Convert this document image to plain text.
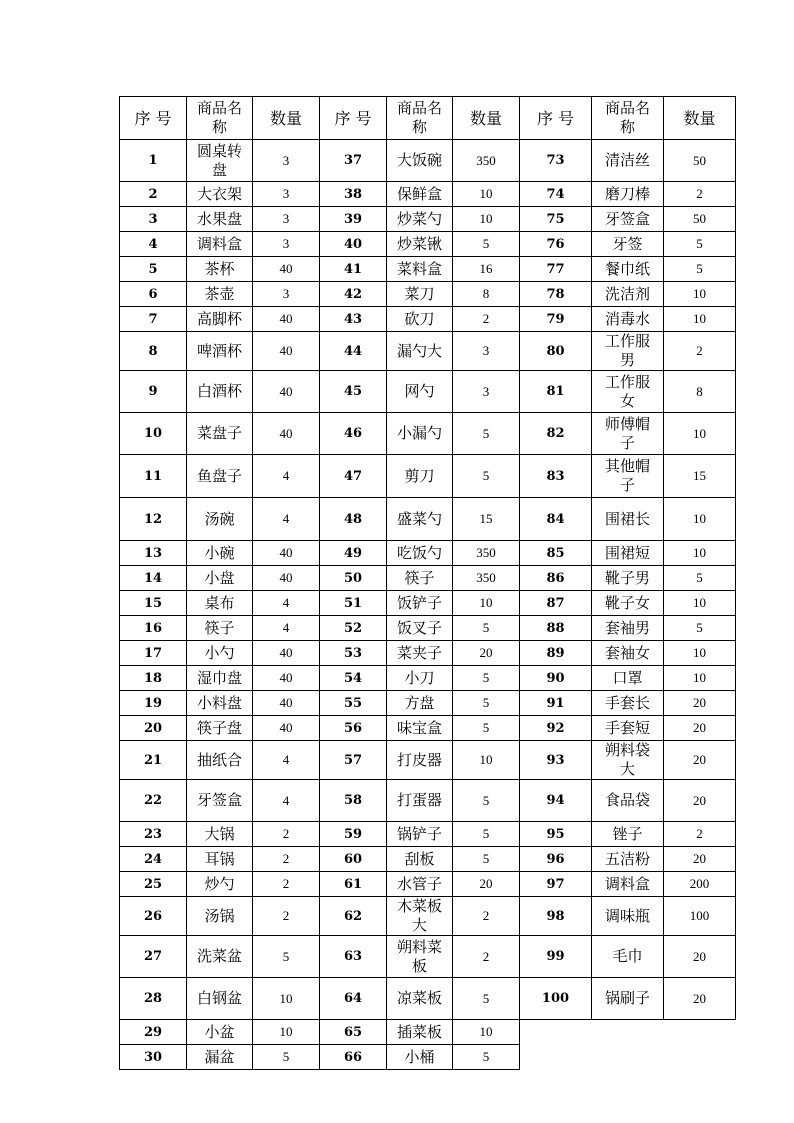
序 号	商品名称	数量	序 号	商品名称	数量	序 号	商品名称	数量
1	圆桌转盘	3	37	大饭碗	350	73	清洁丝	50
2	大衣架	3	38	保鲜盒	10	74	磨刀棒	2
3	水果盘	3	39	炒菜勺	10	75	牙签盒	50
4	调料盒	3	40	炒菜锹	5	76	牙签	5
5	茶杯	40	41	菜料盒	16	77	餐巾纸	5
6	茶壶	3	42	菜刀	8	78	洗洁剂	10
7	高脚杯	40	43	砍刀	2	79	消毒水	10
8	啤酒杯	40	44	漏勺大	3	80	工作服男	2
9	白酒杯	40	45	网勺	3	81	工作服女	8
10	菜盘子	40	46	小漏勺	5	82	师傅帽子	10
11	鱼盘子	4	47	剪刀	5	83	其他帽子	15
12	汤碗	4	48	盛菜勺	15	84	围裙长	10
13	小碗	40	49	吃饭勺	350	85	围裙短	10
14	小盘	40	50	筷子	350	86	靴子男	5
15	桌布	4	51	饭铲子	10	87	靴子女	10
16	筷子	4	52	饭叉子	5	88	套袖男	5
17	小勺	40	53	菜夹子	20	89	套袖女	10
18	湿巾盘	40	54	小刀	5	90	口罩	10
19	小料盘	40	55	方盘	5	91	手套长	20
20	筷子盘	40	56	味宝盒	5	92	手套短	20
21	抽纸合	4	57	打皮器	10	93	朔料袋大	20
22	牙签盒	4	58	打蛋器	5	94	食品袋	20
23	大锅	2	59	锅铲子	5	95	锉子	2
24	耳锅	2	60	刮板	5	96	五洁粉	20
25	炒勺	2	61	水管子	20	97	调料盒	200
26	汤锅	2	62	木菜板大	2	98	调味瓶	100
27	洗菜盆	5	63	朔料菜板	2	99	毛巾	20
28	白钢盆	10	64	凉菜板	5	100	锅刷子	20
29	小盆	10	65	插菜板	10			
30	漏盆	5	66	小桶	5			
